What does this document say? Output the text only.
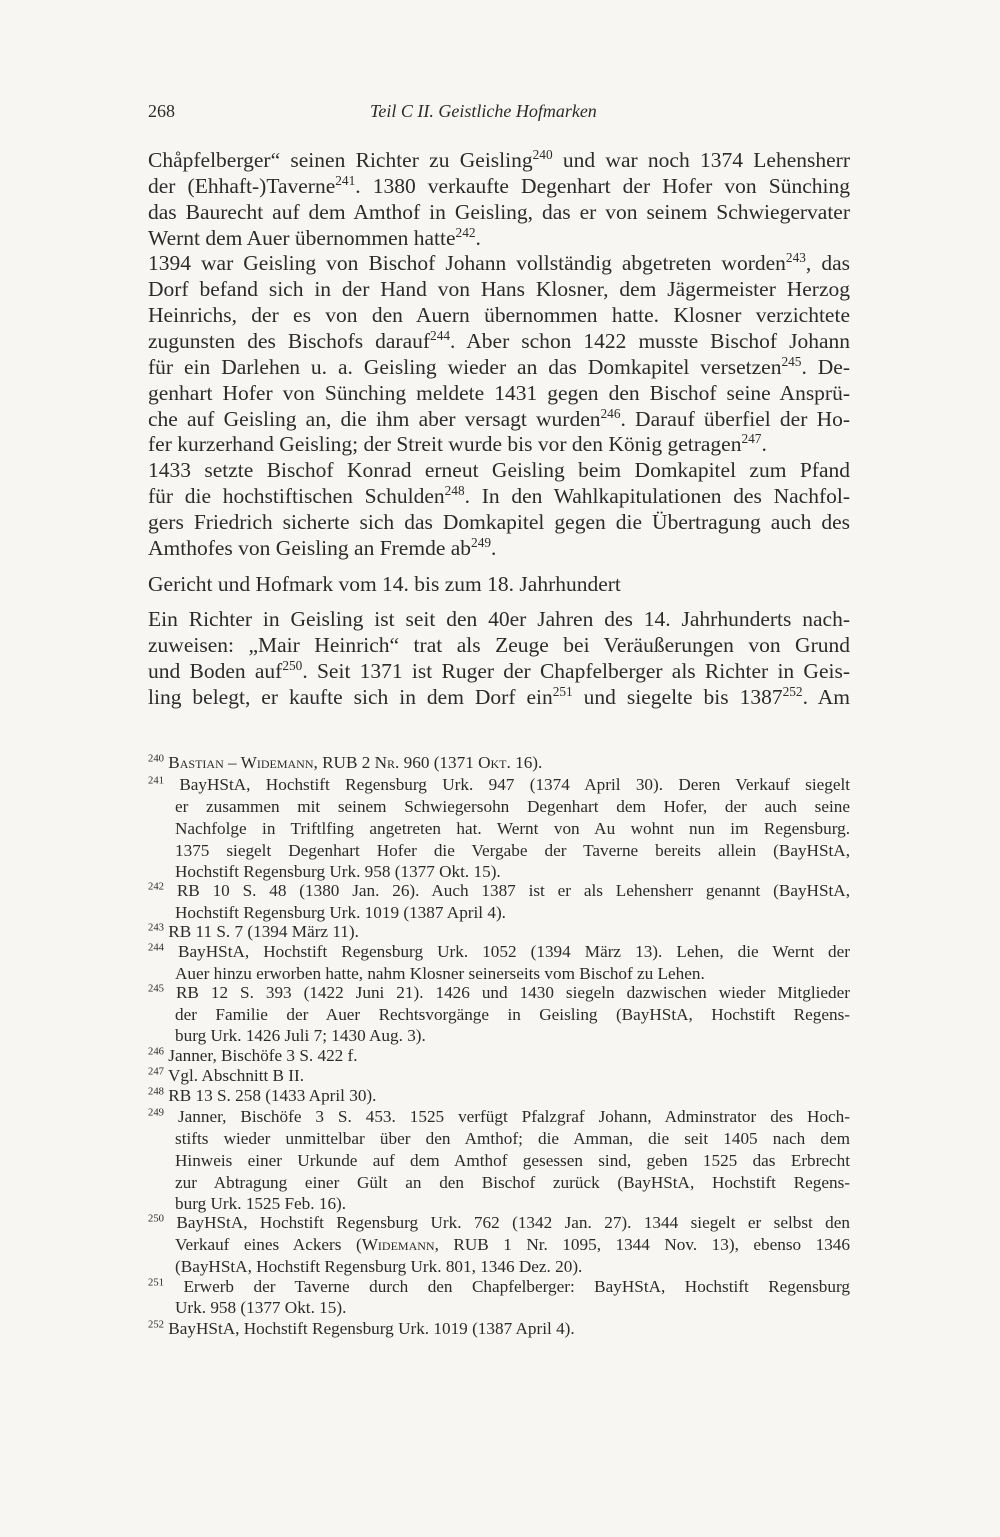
268	Teil C II. Geistliche Hofmarken
Chåpfelberger“ seinen Richter zu Geisling$^{240}$ und war noch 1374 Lehensherr
der (Ehhaft-)Taverne$^{241}$. 1380 verkaufte Degenhart der Hofer von Sünching
das Baurecht auf dem Amthof in Geisling, das er von seinem Schwiegervater
Wernt dem Auer übernommen hatte$^{242}$.
1394 war Geisling von Bischof Johann vollständig abgetreten worden$^{243}$, das
Dorf befand sich in der Hand von Hans Klosner, dem Jägermeister Herzog
Heinrichs, der es von den Auern übernommen hatte. Klosner verzichtete
zugunsten des Bischofs darauf$^{244}$. Aber schon 1422 musste Bischof Johann
für ein Darlehen u. a. Geisling wieder an das Domkapitel versetzen$^{245}$. De-
genhart Hofer von Sünching meldete 1431 gegen den Bischof seine Ansprü-
che auf Geisling an, die ihm aber versagt wurden$^{246}$. Darauf überfiel der Ho-
fer kurzerhand Geisling; der Streit wurde bis vor den König getragen$^{247}$.
1433 setzte Bischof Konrad erneut Geisling beim Domkapitel zum Pfand
für die hochstiftischen Schulden$^{248}$. In den Wahlkapitulationen des Nachfol-
gers Friedrich sicherte sich das Domkapitel gegen die Übertragung auch des
Amthofes von Geisling an Fremde $ab^{249}$.
Gericht und Hofmark vom 14. bis zum 18. Jahrhundert
Ein Richter in Geisling ist seit den 40er Jahren des 14. Jahrhunderts nach-
zuweisen: „Mair Heinrich“ trat als Zeuge bei Veräußerungen von Grund
und Boden auf$^{250}$. Seit 1371 ist Ruger der Chapfelberger als Richter in Geis-
ling belegt, er kaufte sich in dem Dorf ein$^{251}$ und siegelte bis 1387$^{252}$. Am
$^{240}$ Bastian – Widemann, RUB 2 Nr. 960 (1371 Okt. 16).
$^{241}$ BayHStA, Hochstift Regensburg Urk. 947 (1374 April 30). Deren Verkauf siegelt
er zusammen mit seinem Schwiegersohn Degenhart dem Hofer, der auch seine
Nachfolge in Triftlfing angetreten hat. Wernt von Au wohnt nun im Regensburg.
1375 siegelt Degenhart Hofer die Vergabe der Taverne bereits allein (BayHStA,
Hochstift Regensburg Urk. 958 (1377 Okt. 15).
$^{242}$ RB 10 S. 48 (1380 Jan. 26). Auch 1387 ist er als Lehensherr genannt (BayHStA,
Hochstift Regensburg Urk. 1019 (1387 April 4).
$^{243}$ RB 11 S. 7 (1394 März 11).
$^{244}$ BayHStA, Hochstift Regensburg Urk. 1052 (1394 März 13). Lehen, die Wernt der
Auer hinzu erworben hatte, nahm Klosner seinerseits vom Bischof zu Lehen.
$^{245}$ RB 12 S. 393 (1422 Juni 21). 1426 und 1430 siegeln dazwischen wieder Mitglieder
der Familie der Auer Rechtsvorgänge in Geisling (BayHStA, Hochstift Regens-
burg Urk. 1426 Juli 7; 1430 Aug. 3).
$^{246}$ Janner, Bischöfe 3 S. 422 f.
$^{247}$ Vgl. Abschnitt B II.
$^{248}$ RB 13 S. 258 (1433 April 30).
$^{249}$ Janner, Bischöfe 3 S. 453. 1525 verfügt Pfalzgraf Johann, Adminstrator des Hoch-
stifts wieder unmittelbar über den Amthof; die Amman, die seit 1405 nach dem
Hinweis einer Urkunde auf dem Amthof gesessen sind, geben 1525 das Erbrecht
zur Abtragung einer Gült an den Bischof zurück (BayHStA, Hochstift Regens-
burg Urk. 1525 Feb. 16).
$^{250}$ BayHStA, Hochstift Regensburg Urk. 762 (1342 Jan. 27). 1344 siegelt er selbst den
Verkauf eines Ackers (Widemann, RUB 1 Nr. 1095, 1344 Nov. 13), ebenso 1346
(BayHStA, Hochstift Regensburg Urk. 801, 1346 Dez. 20).
$^{251}$ Erwerb der Taverne durch den Chapfelberger: BayHStA, Hochstift Regensburg
Urk. 958 (1377 Okt. 15).
$^{252}$ BayHStA, Hochstift Regensburg Urk. 1019 (1387 April 4).
